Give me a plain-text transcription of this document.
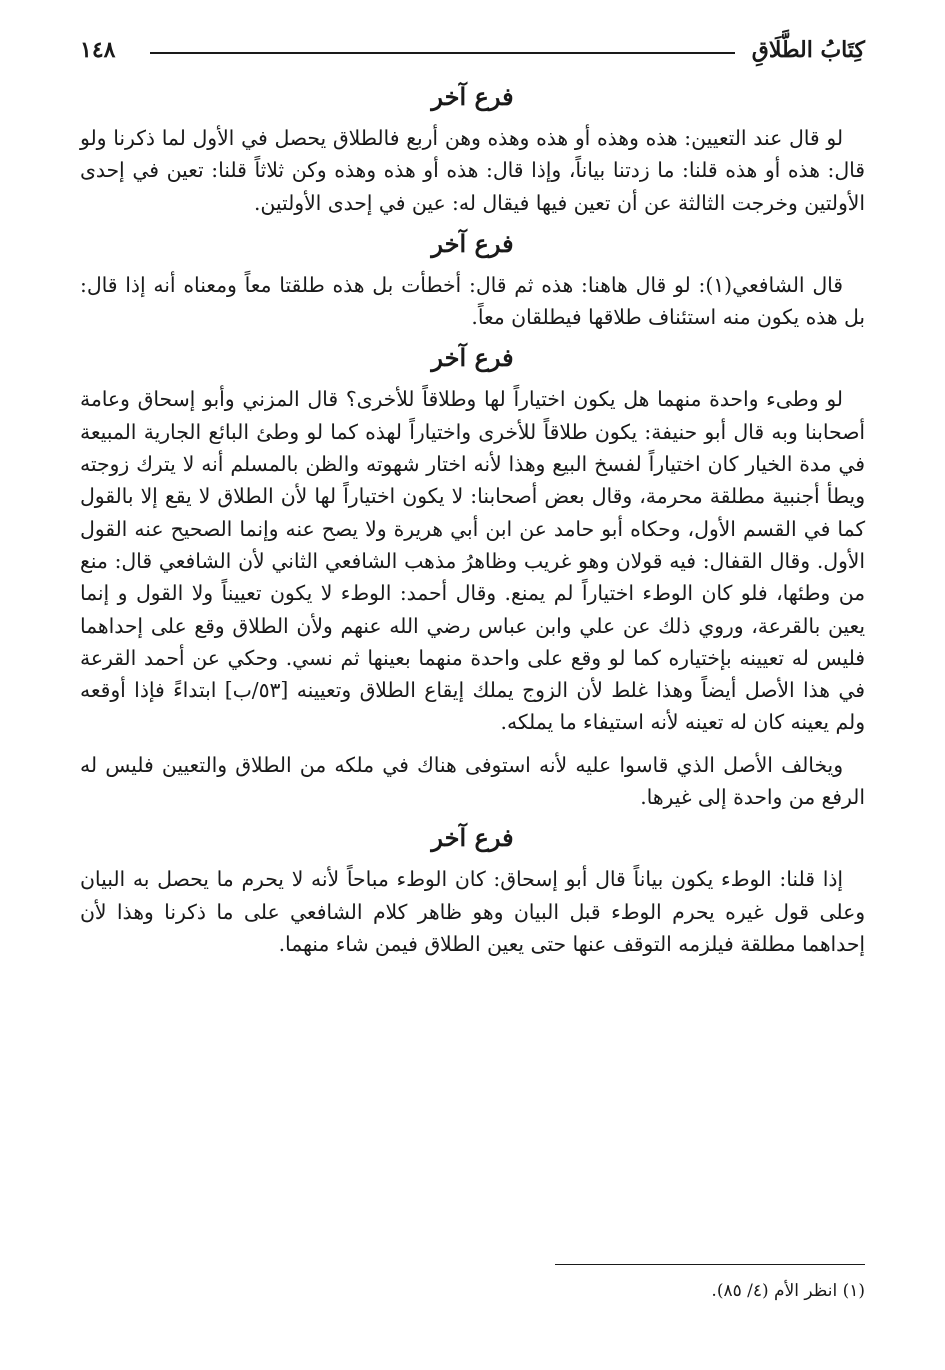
كِتَابُ الطَّلَاقِ
١٤٨
فرع آخر

لو قال عند التعيين: هذه وهذه أو هذه وهذه وهن أربع فالطلاق يحصل في الأول لما ذكرنا ولو قال: هذه أو هذه قلنا: ما زدتنا بياناً، وإذا قال: هذه أو هذه وهذه وكن ثلاثاً قلنا: تعين في إحدى الأولتين وخرجت الثالثة عن أن تعين فيها فيقال له: عين في إحدى الأولتين.

فرع آخر

قال الشافعي(١): لو قال هاهنا: هذه ثم قال: أخطأت بل هذه طلقتا معاً ومعناه أنه إذا قال: بل هذه يكون منه استئناف طلاقها فيطلقان معاً.

فرع آخر

لو وطىء واحدة منهما هل يكون اختياراً لها وطلاقاً للأخرى؟ قال المزني وأبو إسحاق وعامة أصحابنا وبه قال أبو حنيفة: يكون طلاقاً للأخرى واختياراً لهذه كما لو وطئ البائع الجارية المبيعة في مدة الخيار كان اختياراً لفسخ البيع وهذا لأنه اختار شهوته والظن بالمسلم أنه لا يترك زوجته ويطأ أجنبية مطلقة محرمة، وقال بعض أصحابنا: لا يكون اختياراً لها لأن الطلاق لا يقع إلا بالقول كما في القسم الأول، وحكاه أبو حامد عن ابن أبي هريرة ولا يصح عنه وإنما الصحيح عنه القول الأول. وقال القفال: فيه قولان وهو غريب وظاهرُ مذهب الشافعي الثاني لأن الشافعي قال: منع من وطئها، فلو كان الوطء اختياراً لم يمنع. وقال أحمد: الوطء لا يكون تعييناً ولا القول و إنما يعين بالقرعة، وروي ذلك عن علي وابن عباس رضي الله عنهم ولأن الطلاق وقع على إحداهما فليس له تعيينه بإختياره كما لو وقع على واحدة منهما بعينها ثم نسي. وحكي عن أحمد القرعة في هذا الأصل أيضاً وهذا غلط لأن الزوج يملك إيقاع الطلاق وتعيينه [٥٣/ب] ابتداءً فإذا أوقعه ولم يعينه كان له تعينه لأنه استيفاء ما يملكه.

ويخالف الأصل الذي قاسوا عليه لأنه استوفى هناك في ملكه من الطلاق والتعيين فليس له الرفع من واحدة إلى غيرها.

فرع آخر

إذا قلنا: الوطء يكون بياناً قال أبو إسحاق: كان الوطء مباحاً لأنه لا يحرم ما يحصل به البيان وعلى قول غيره يحرم الوطء قبل البيان وهو ظاهر كلام الشافعي على ما ذكرنا وهذا لأن إحداهما مطلقة فيلزمه التوقف عنها حتى يعين الطلاق فيمن شاء منهما.

(١) انظر الأم (٤/ ٨٥).
